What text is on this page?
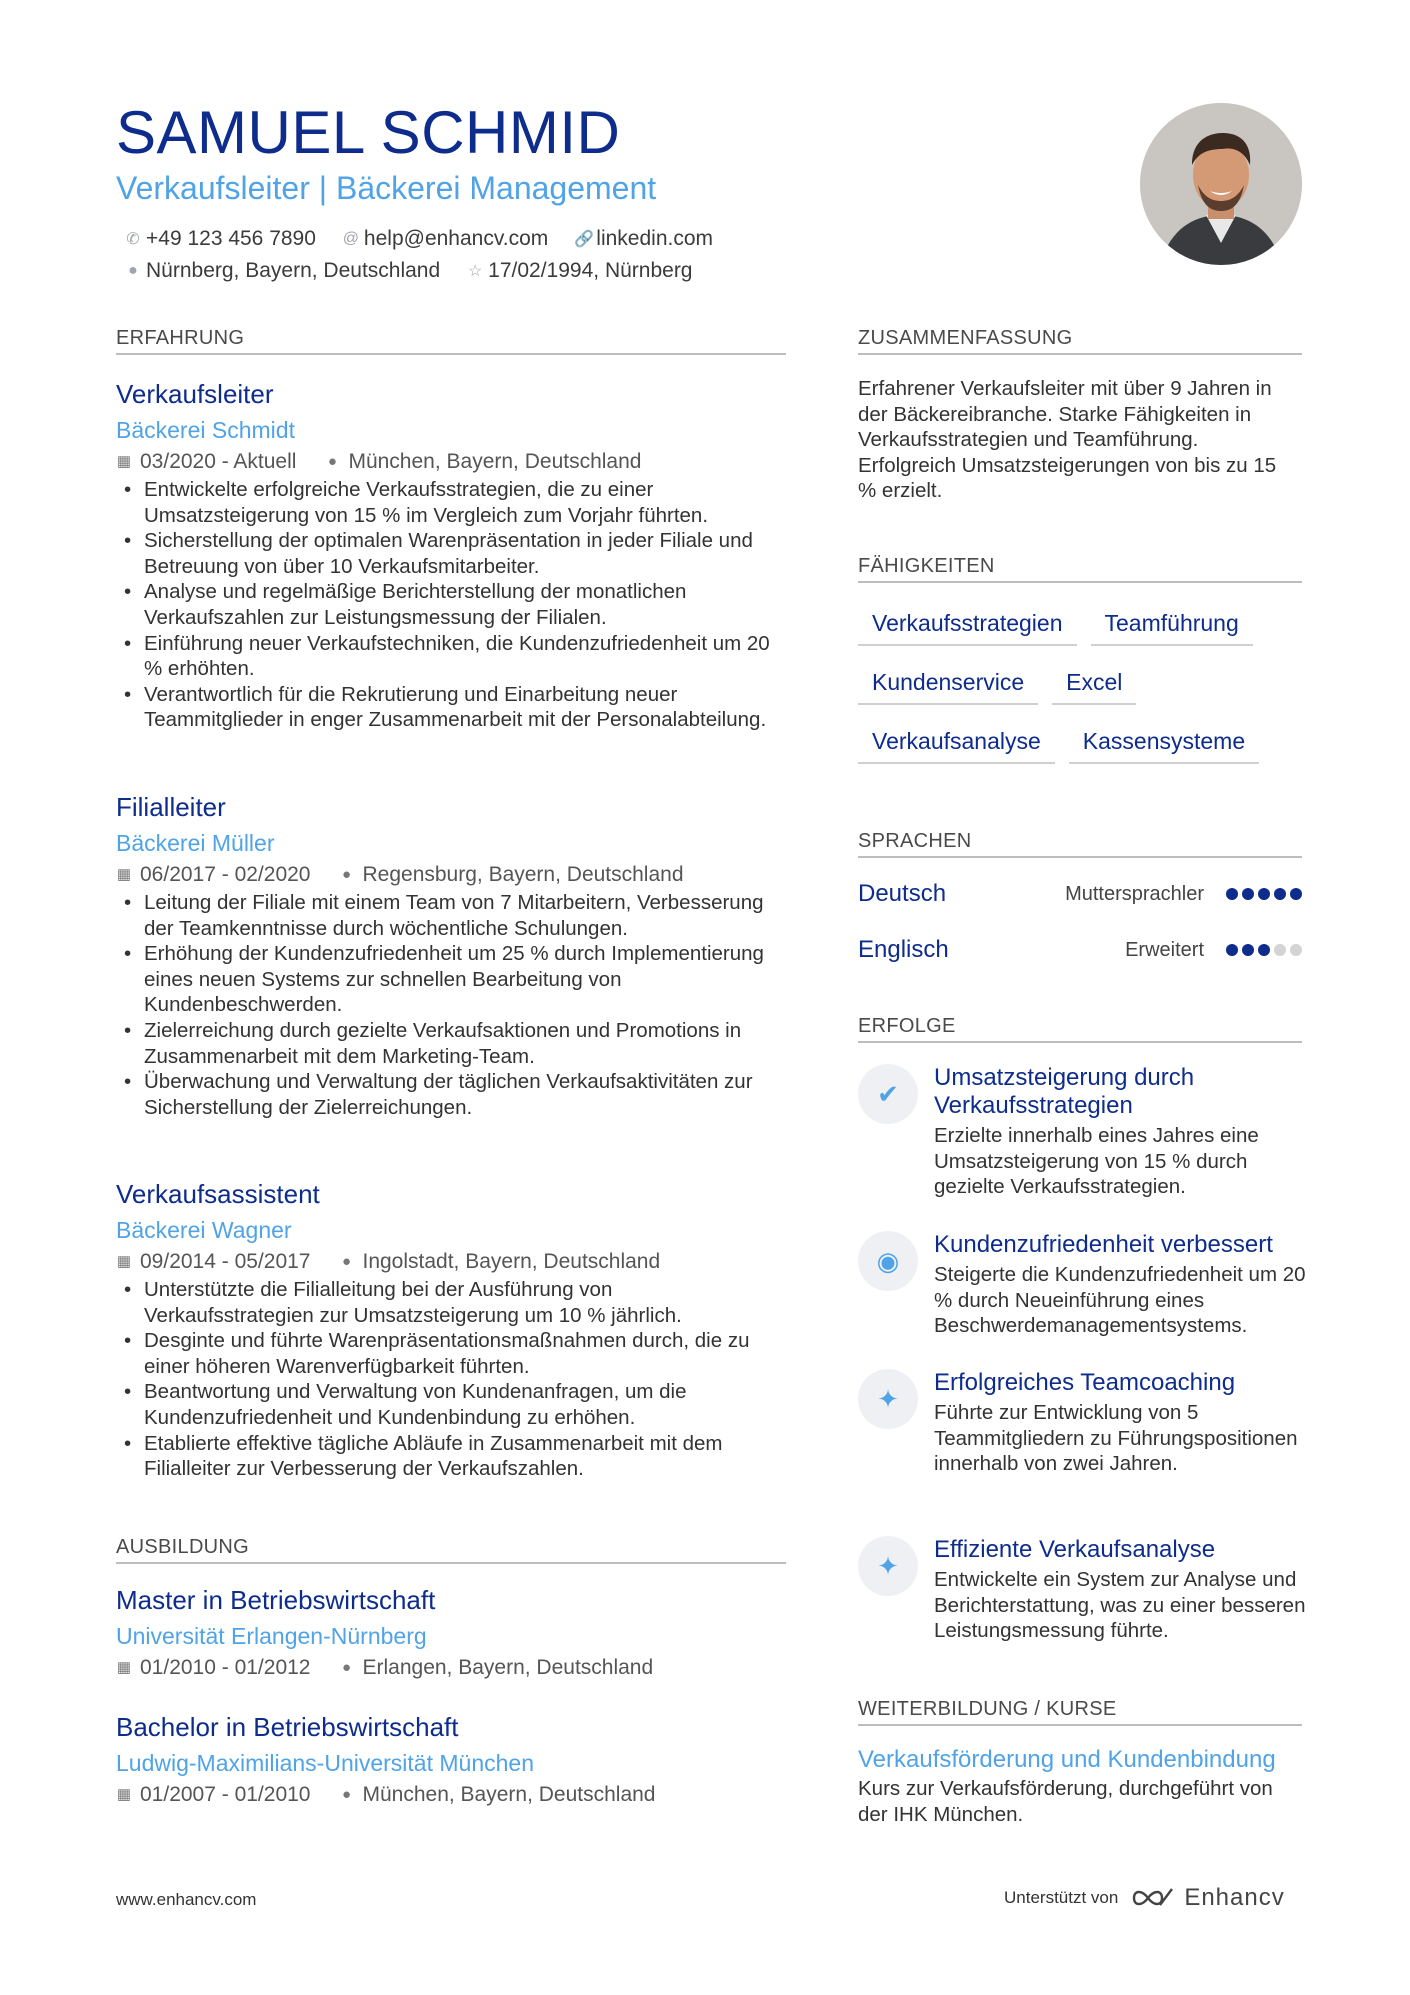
SAMUEL SCHMID
Verkaufsleiter | Bäckerei Management
✆ +49 123 456 7890 @ help@enhancv.com 🔗 linkedin.com
● Nürnberg, Bayern, Deutschland ☆ 17/02/1994, Nürnberg
ERFAHRUNG
Verkaufsleiter
Bäckerei Schmidt
▦ 03/2020 - Aktuell ● München, Bayern, Deutschland
• Entwickelte erfolgreiche Verkaufsstrategien, die zu einer Umsatzsteigerung von 15 % im Vergleich zum Vorjahr führten.
• Sicherstellung der optimalen Warenpräsentation in jeder Filiale und Betreuung von über 10 Verkaufsmitarbeiter.
• Analyse und regelmäßige Berichterstellung der monatlichen Verkaufszahlen zur Leistungsmessung der Filialen.
• Einführung neuer Verkaufstechniken, die Kundenzufriedenheit um 20 % erhöhten.
• Verantwortlich für die Rekrutierung und Einarbeitung neuer Teammitglieder in enger Zusammenarbeit mit der Personalabteilung.
Filialleiter
Bäckerei Müller
▦ 06/2017 - 02/2020 ● Regensburg, Bayern, Deutschland
• Leitung der Filiale mit einem Team von 7 Mitarbeitern, Verbesserung der Teamkenntnisse durch wöchentliche Schulungen.
• Erhöhung der Kundenzufriedenheit um 25 % durch Implementierung eines neuen Systems zur schnellen Bearbeitung von Kundenbeschwerden.
• Zielerreichung durch gezielte Verkaufsaktionen und Promotions in Zusammenarbeit mit dem Marketing-Team.
• Überwachung und Verwaltung der täglichen Verkaufsaktivitäten zur Sicherstellung der Zielerreichungen.
Verkaufsassistent
Bäckerei Wagner
▦ 09/2014 - 05/2017 ● Ingolstadt, Bayern, Deutschland
• Unterstützte die Filialleitung bei der Ausführung von Verkaufsstrategien zur Umsatzsteigerung um 10 % jährlich.
• Desginte und führte Warenpräsentationsmaßnahmen durch, die zu einer höheren Warenverfügbarkeit führten.
• Beantwortung und Verwaltung von Kundenanfragen, um die Kundenzufriedenheit und Kundenbindung zu erhöhen.
• Etablierte effektive tägliche Abläufe in Zusammenarbeit mit dem Filialleiter zur Verbesserung der Verkaufszahlen.
AUSBILDUNG
Master in Betriebswirtschaft
Universität Erlangen-Nürnberg
▦ 01/2010 - 01/2012 ● Erlangen, Bayern, Deutschland
Bachelor in Betriebswirtschaft
Ludwig-Maximilians-Universität München
▦ 01/2007 - 01/2010 ● München, Bayern, Deutschland
ZUSAMMENFASSUNG
Erfahrener Verkaufsleiter mit über 9 Jahren in der Bäckereibranche. Starke Fähigkeiten in Verkaufsstrategien und Teamführung. Erfolgreich Umsatzsteigerungen von bis zu 15 % erzielt.
FÄHIGKEITEN
Verkaufsstrategien	Teamführung
Kundenservice	Excel
Verkaufsanalyse	Kassensysteme
SPRACHEN
Deutsch	Muttersprachler
Englisch	Erweitert
ERFOLGE
✔
Umsatzsteigerung durch Verkaufsstrategien
Erzielte innerhalb eines Jahres eine Umsatzsteigerung von 15 % durch gezielte Verkaufsstrategien.
◉
Kundenzufriedenheit verbessert
Steigerte die Kundenzufriedenheit um 20 % durch Neueinführung eines Beschwerdemanagementsystems.
✦
Erfolgreiches Teamcoaching
Führte zur Entwicklung von 5 Teammitgliedern zu Führungspositionen innerhalb von zwei Jahren.
✦
Effiziente Verkaufsanalyse
Entwickelte ein System zur Analyse und Berichterstattung, was zu einer besseren Leistungsmessung führte.
WEITERBILDUNG / KURSE
Verkaufsförderung und Kundenbindung
Kurs zur Verkaufsförderung, durchgeführt von der IHK München.
www.enhancv.com	Unterstützt von	Enhancv
